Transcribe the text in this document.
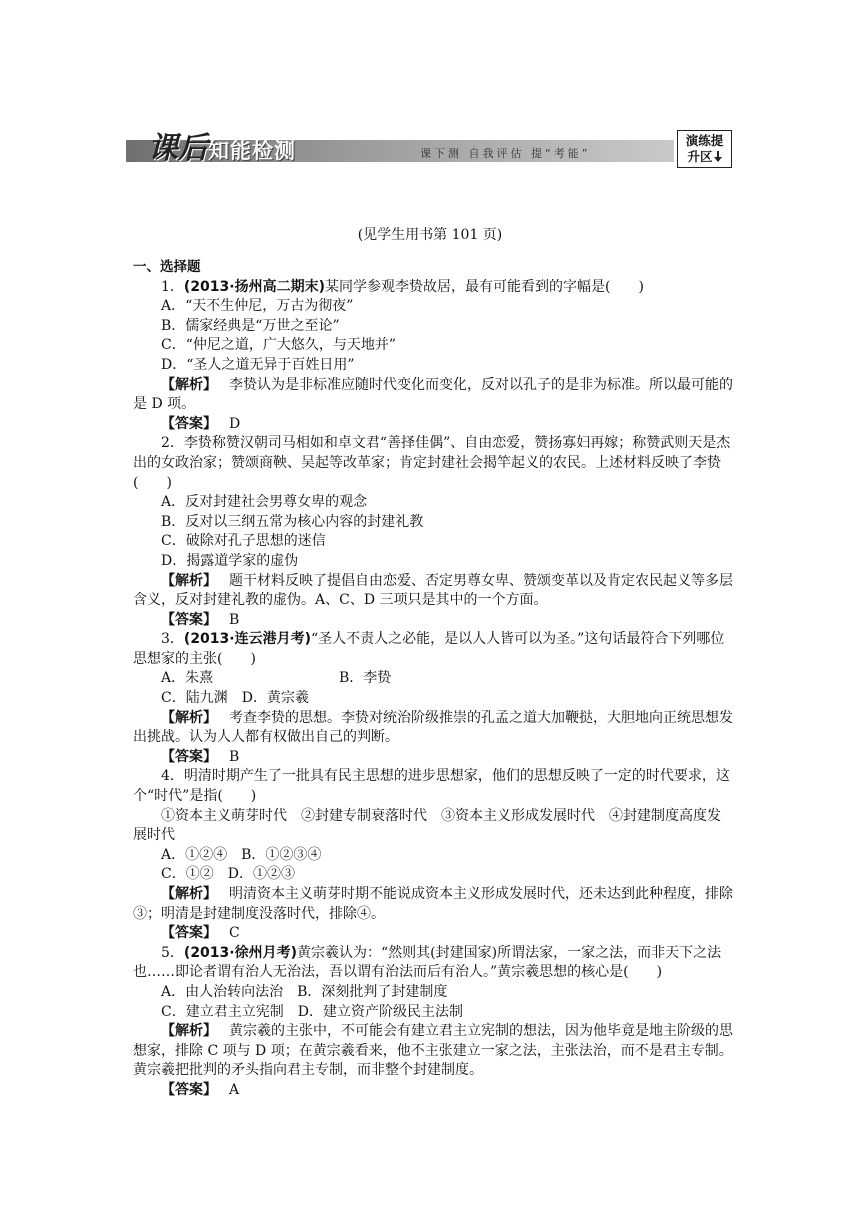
课后 知能检测	课下测 自我评估 提“考能”
演练提
升区
(见学生用书第 101 页)

一、选择题

1．(2013·扬州高二期末)某同学参观李贽故居，最有可能看到的字幅是(　　)

A．“天不生仲尼，万古为彻夜”

B．儒家经典是“万世之至论”

C．“仲尼之道，广大悠久，与天地并”

D．“圣人之道无异于百姓日用”

【解析】 李贽认为是非标准应随时代变化而变化，反对以孔子的是非为标准。所以最可能的是 D 项。

【答案】 D

2．李贽称赞汉朝司马相如和卓文君“善择佳偶”、自由恋爱，赞扬寡妇再嫁；称赞武则天是杰出的女政治家；赞颂商鞅、吴起等改革家；肯定封建社会揭竿起义的农民。上述材料反映了李贽(　　)

A．反对封建社会男尊女卑的观念

B．反对以三纲五常为核心内容的封建礼教

C．破除对孔子思想的迷信

D．揭露道学家的虚伪

【解析】 题干材料反映了提倡自由恋爱、否定男尊女卑、赞颂变革以及肯定农民起义等多层含义，反对封建礼教的虚伪。A、C、D 三项只是其中的一个方面。

【答案】 B

3．(2013·连云港月考)“圣人不责人之必能，是以人人皆可以为圣。”这句话最符合下列哪位思想家的主张(　　)

A．朱熹	B．李贽

C．陆九渊　 D．黄宗羲

【解析】 考查李贽的思想。李贽对统治阶级推崇的孔孟之道大加鞭挞，大胆地向正统思想发出挑战。认为人人都有权做出自己的判断。

【答案】 B

4．明清时期产生了一批具有民主思想的进步思想家，他们的思想反映了一定的时代要求，这个“时代”是指(　　)

①资本主义萌芽时代　②封建专制衰落时代　③资本主义形成发展时代　④封建制度高度发展时代

A．①②④　 B．①②③④

C．①②　 D．①②③

【解析】 明清资本主义萌芽时期不能说成资本主义形成发展时代，还未达到此种程度，排除③；明清是封建制度没落时代，排除④。

【答案】 C

5．(2013·徐州月考)黄宗羲认为：“然则其(封建国家)所谓法家，一家之法，而非天下之法也……即论者谓有治人无治法，吾以谓有治法而后有治人。”黄宗羲思想的核心是(　　)

A．由人治转向法治　 B．深刻批判了封建制度

C．建立君主立宪制　 D．建立资产阶级民主法制

【解析】 黄宗羲的主张中，不可能会有建立君主立宪制的想法，因为他毕竟是地主阶级的思想家，排除 C 项与 D 项；在黄宗羲看来，他不主张建立一家之法，主张法治，而不是君主专制。黄宗羲把批判的矛头指向君主专制，而非整个封建制度。

【答案】 A
